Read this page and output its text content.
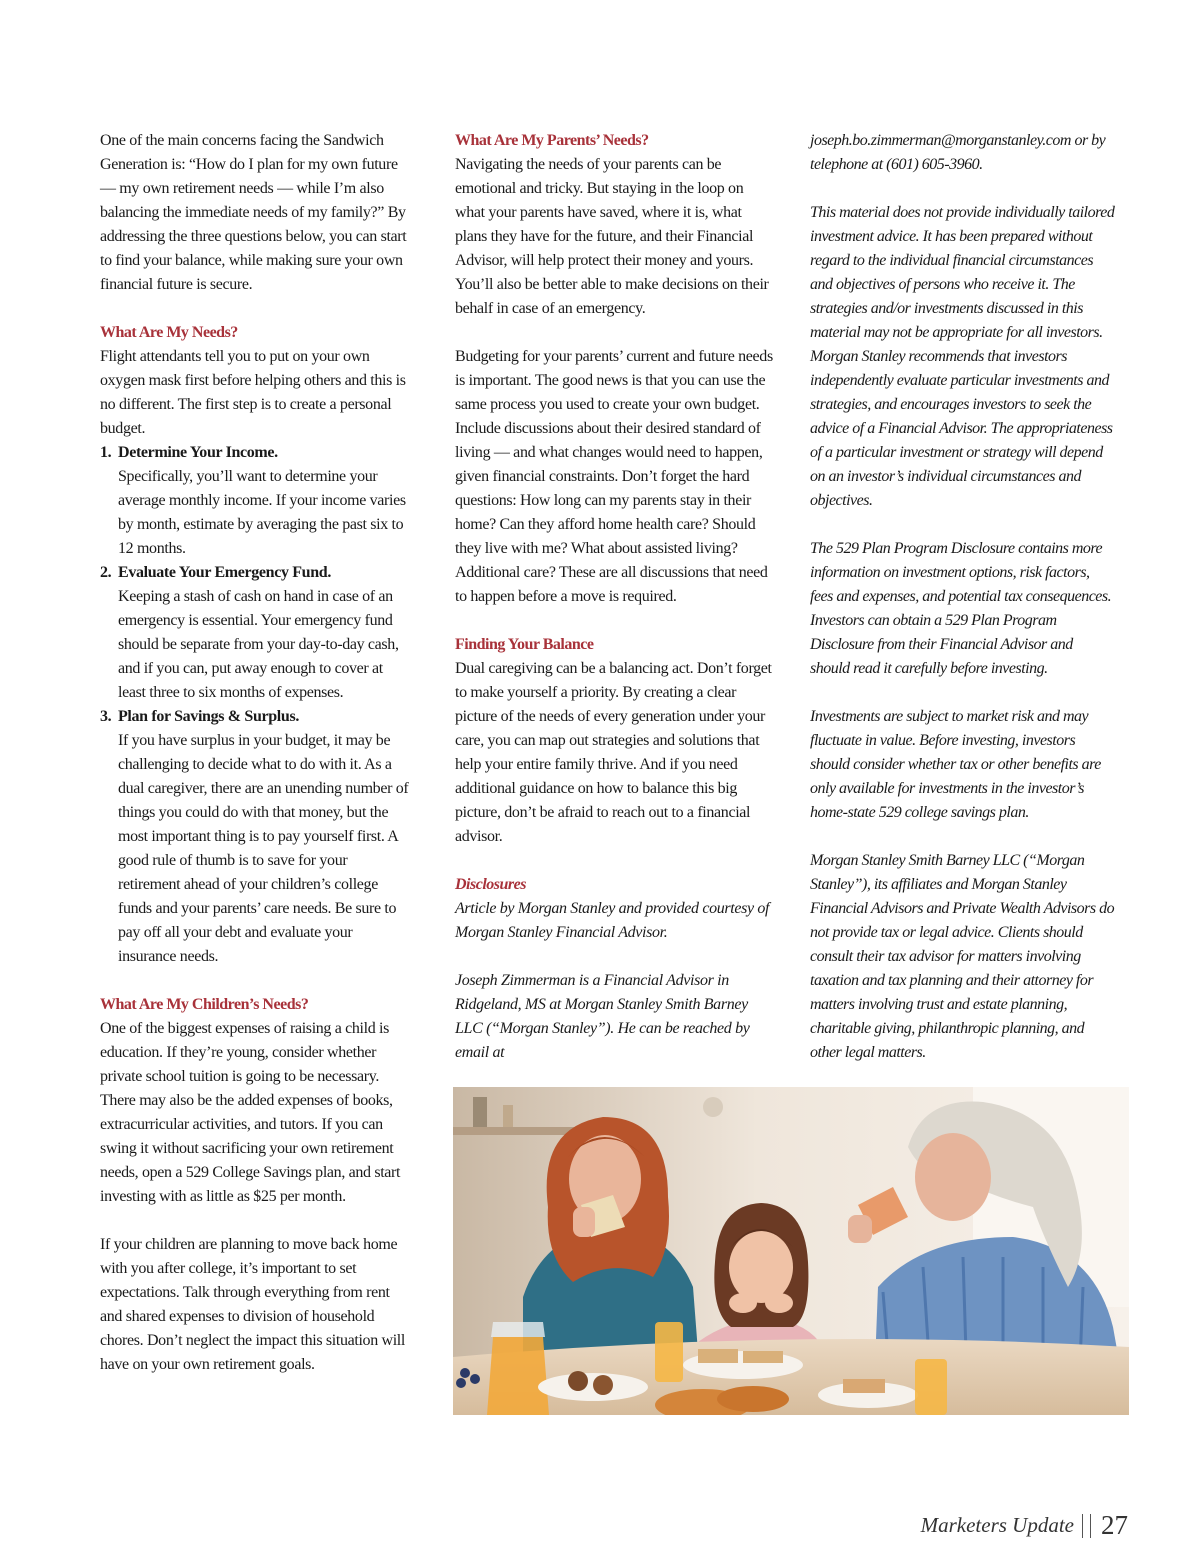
One of the main concerns facing the Sandwich Generation is: “How do I plan for my own future — my own retirement needs — while I’m also balancing the immediate needs of my family?” By addressing the three questions below, you can start to find your balance, while making sure your own financial future is secure.

What Are My Needs?

Flight attendants tell you to put on your own oxygen mask first before helping others and this is no different. The first step is to create a personal budget.

1. Determine Your Income.
Specifically, you’ll want to determine your average monthly income. If your income varies by month, estimate by averaging the past six to 12 months.
2. Evaluate Your Emergency Fund.
Keeping a stash of cash on hand in case of an emergency is essential. Your emergency fund should be separate from your day-to-day cash, and if you can, put away enough to cover at least three to six months of expenses.
3. Plan for Savings & Surplus.
If you have surplus in your budget, it may be challenging to decide what to do with it. As a dual caregiver, there are an unending number of things you could do with that money, but the most important thing is to pay yourself first. A good rule of thumb is to save for your retirement ahead of your children’s college funds and your parents’ care needs. Be sure to pay off all your debt and evaluate your insurance needs.

What Are My Children’s Needs?

One of the biggest expenses of raising a child is education. If they’re young, consider whether private school tuition is going to be necessary. There may also be the added expenses of books, extracurricular activities, and tutors. If you can swing it without sacrificing your own retirement needs, open a 529 College Savings plan, and start investing with as little as $25 per month.

If your children are planning to move back home with you after college, it’s important to set expectations. Talk through everything from rent and shared expenses to division of household chores. Don’t neglect the impact this situation will have on your own retirement goals.

What Are My Parents’ Needs?

Navigating the needs of your parents can be emotional and tricky. But staying in the loop on what your parents have saved, where it is, what plans they have for the future, and their Financial Advisor, will help protect their money and yours. You’ll also be better able to make decisions on their behalf in case of an emergency.

Budgeting for your parents’ current and future needs is important. The good news is that you can use the same process you used to create your own budget. Include discussions about their desired standard of living — and what changes would need to happen, given financial constraints. Don’t forget the hard questions: How long can my parents stay in their home? Can they afford home health care? Should they live with me? What about assisted living? Additional care? These are all discussions that need to happen before a move is required.

Finding Your Balance

Dual caregiving can be a balancing act. Don’t forget to make yourself a priority. By creating a clear picture of the needs of every generation under your care, you can map out strategies and solutions that help your entire family thrive. And if you need additional guidance on how to balance this big picture, don’t be afraid to reach out to a financial advisor.

Disclosures

Article by Morgan Stanley and provided courtesy of Morgan Stanley Financial Advisor.

Joseph Zimmerman is a Financial Advisor in Ridgeland, MS at Morgan Stanley Smith Barney LLC (“Morgan Stanley”). He can be reached by email at

joseph.bo.zimmerman@morganstanley.com or by telephone at (601) 605-3960.

This material does not provide individually tailored investment advice. It has been prepared without regard to the individual financial circumstances and objectives of persons who receive it. The strategies and/or investments discussed in this material may not be appropriate for all investors. Morgan Stanley recommends that investors independently evaluate particular investments and strategies, and encourages investors to seek the advice of a Financial Advisor. The appropriateness of a particular investment or strategy will depend on an investor’s individual circumstances and objectives.

The 529 Plan Program Disclosure contains more information on investment options, risk factors, fees and expenses, and potential tax consequences. Investors can obtain a 529 Plan Program Disclosure from their Financial Advisor and should read it carefully before investing.

Investments are subject to market risk and may fluctuate in value. Before investing, investors should consider whether tax or other benefits are only available for investments in the investor’s home-state 529 college savings plan.

Morgan Stanley Smith Barney LLC (“Morgan Stanley”), its affiliates and Morgan Stanley Financial Advisors and Private Wealth Advisors do not provide tax or legal advice. Clients should consult their tax advisor for matters involving taxation and tax planning and their attorney for matters involving trust and estate planning, charitable giving, philanthropic planning, and other legal matters.

Marketers Update 27
